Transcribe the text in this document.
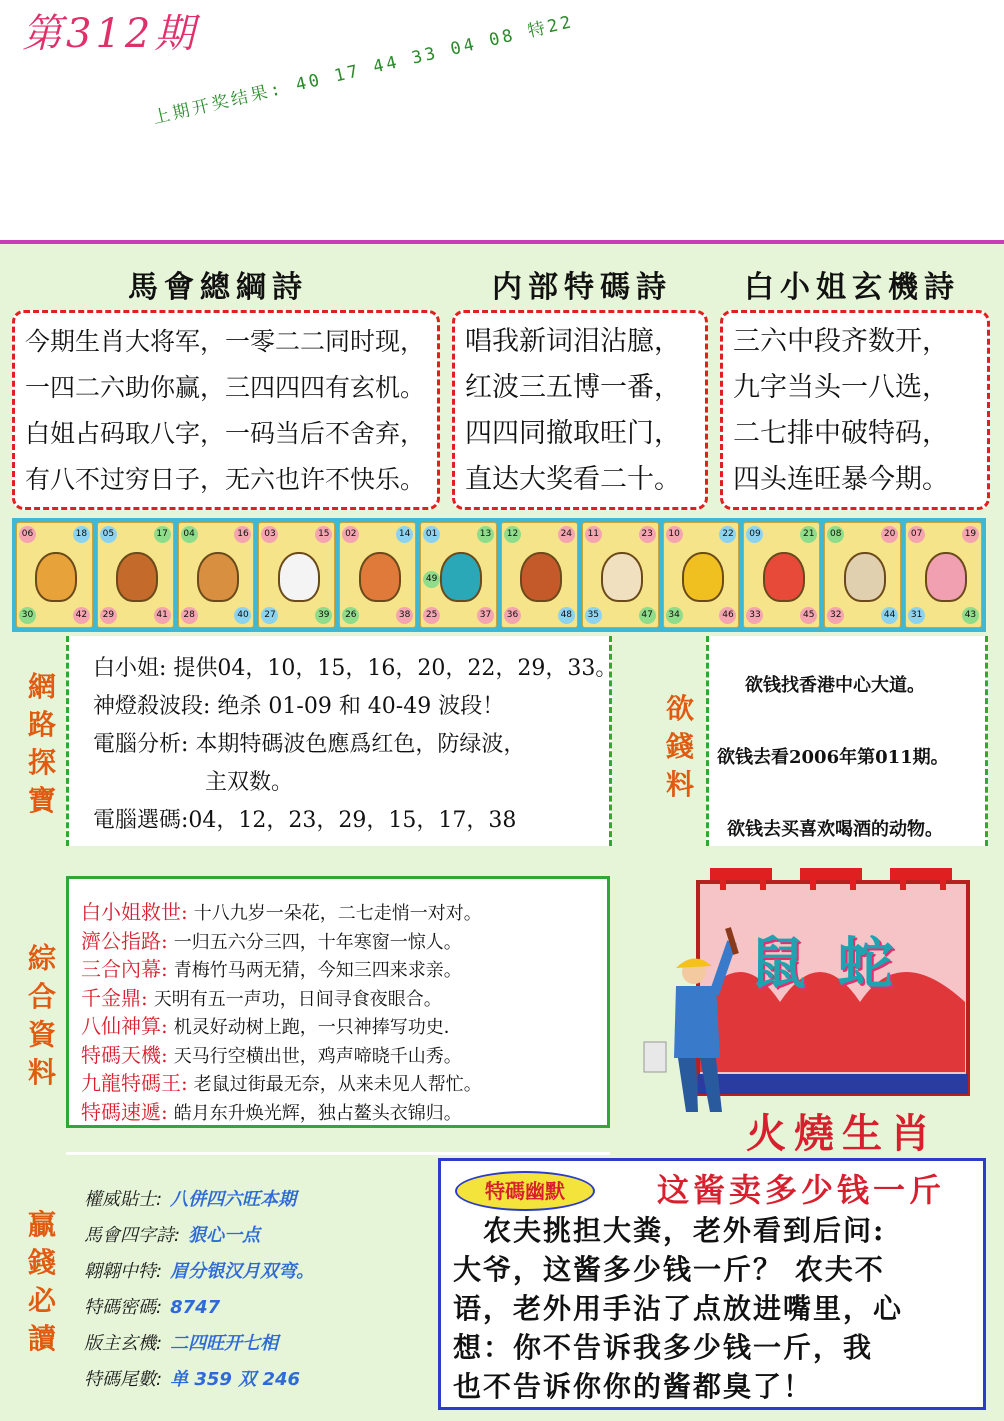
第312期
上期开奖结果: 40 17 44 33 04 08 特22
馬會總綱詩	内部特碼詩 白小姐玄機詩
今期生肖大将军，一零二二同时现，
一四二六助你赢，三四四四有玄机。
白姐占码取八字，一码当后不舍弃，
有八不过穷日子，无六也许不快乐。
唱我新词泪沾臆，
红波三五博一番，
四四同撤取旺门，
直达大奖看二十。
三六中段齐数开，
九字当头一八选，
二七排中破特码，
四头连旺暴今期。
06	18
30	42
05	17
29	41
04	16
28	40
03	15
27	39
02	14
26	38
01	13
25	37
49
12	24
36	48
11	23
35	47
10	22
34	46
09	21
33	45
08	20
32	44
07	19
31	43
網路探寶
白小姐: 提供04，10，15，16，20，22，29，33。
神燈殺波段: 绝杀 01-09 和 40-49 波段！
電腦分析: 本期特碼波色應爲红色，防绿波，
主双数。
電腦選碼:04，12，23，29，15，17，38
欲錢料
欲钱找香港中心大道。
欲钱去看2006年第011期。
欲钱去买喜欢喝酒的动物。
綜合資料
白小姐救世: 十八九岁一朵花，二七走悄一对对。
濟公指路: 一归五六分三四，十年寒窗一惊人。
三合內幕: 青梅竹马两无猜，今知三四来求亲。
千金鼎: 天明有五一声功，日间寻食夜眼合。
八仙神算: 机灵好动树上跑，一只神捧写功史．
特碼天機: 天马行空横出世，鸡声啼晓千山秀。
九龍特碼王: 老鼠过街最无奈，从来未见人帮忙。
特碼速遞: 皓月东升焕光辉，独占鳌头衣锦归。
鼠 蛇
火燒生肖
贏錢必讀
權威貼士: 八併四六旺本期
馬會四字詩: 狠心一点
翺翺中特: 眉分银汉月双弯。
特碼密碼: 8747
版主玄機: 二四旺开七相
特碼尾數: 单 359 双 246
特碼幽默	这酱卖多少钱一斤
　农夫挑担大粪，老外看到后问:
大爷，这酱多少钱一斤？ 农夫不
语，老外用手沾了点放进嘴里，心
想：你不告诉我多少钱一斤，我
也不告诉你你的酱都臭了！
